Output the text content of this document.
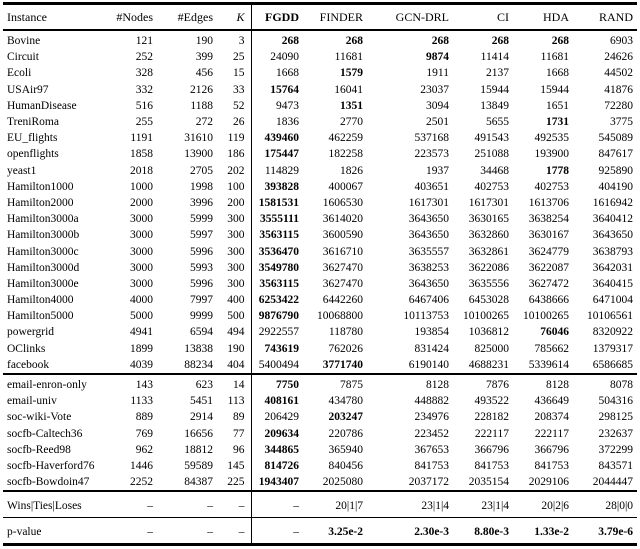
Instance	#Nodes	#Edges	K	FGDD	FINDER	GCN-DRL	CI	HDA	RAND
Bovine	121	190	3	268	268	268	268	268	6903
Circuit	252	399	25	24090	11681	9874	11414	11681	24626
Ecoli	328	456	15	1668	1579	1911	2137	1668	44502
USAir97	332	2126	33	15764	16041	23037	15944	15944	41876
HumanDisease	516	1188	52	9473	1351	3094	13849	1651	72280
TreniRoma	255	272	26	1836	2770	2501	5655	1731	3775
EU_flights	1191	31610	119	439460	462259	537168	491543	492535	545089
openflights	1858	13900	186	175447	182258	223573	251088	193900	847617
yeast1	2018	2705	202	114829	1826	1937	34468	1778	925890
Hamilton1000	1000	1998	100	393828	400067	403651	402753	402753	404190
Hamilton2000	2000	3996	200	1581531	1606530	1617301	1617301	1613706	1616942
Hamilton3000a	3000	5999	300	3555111	3614020	3643650	3630165	3638254	3640412
Hamilton3000b	3000	5997	300	3563115	3600590	3643650	3632860	3630167	3643650
Hamilton3000c	3000	5996	300	3536470	3616710	3635557	3632861	3624779	3638793
Hamilton3000d	3000	5993	300	3549780	3627470	3638253	3622086	3622087	3642031
Hamilton3000e	3000	5996	300	3563115	3627470	3643650	3635556	3627472	3640415
Hamilton4000	4000	7997	400	6253422	6442260	6467406	6453028	6438666	6471004
Hamilton5000	5000	9999	500	9876790	10068800	10113753	10100265	10100265	10106561
powergrid	4941	6594	494	2922557	118780	193854	1036812	76046	8320922
OClinks	1899	13838	190	743619	762026	831424	825000	785662	1379317
facebook	4039	88234	404	5400494	3771740	6190140	4688231	5339614	6586685
email-enron-only	143	623	14	7750	7875	8128	7876	8128	8078
email-univ	1133	5451	113	408161	434780	448882	493522	436649	504316
soc-wiki-Vote	889	2914	89	206429	203247	234976	228182	208374	298125
socfb-Caltech36	769	16656	77	209634	220786	223452	222117	222117	232637
socfb-Reed98	962	18812	96	344865	365940	367653	366796	366796	372299
socfb-Haverford76	1446	59589	145	814726	840456	841753	841753	841753	843571
socfb-Bowdoin47	2252	84387	225	1943407	2025080	2037172	2035154	2029106	2044447
Wins|Ties|Loses	–	–	–	–	20|1|7	23|1|4	23|1|4	20|2|6	28|0|0
p-value	–	–	–	–	3.25e-2	2.30e-3	8.80e-3	1.33e-2	3.79e-6
